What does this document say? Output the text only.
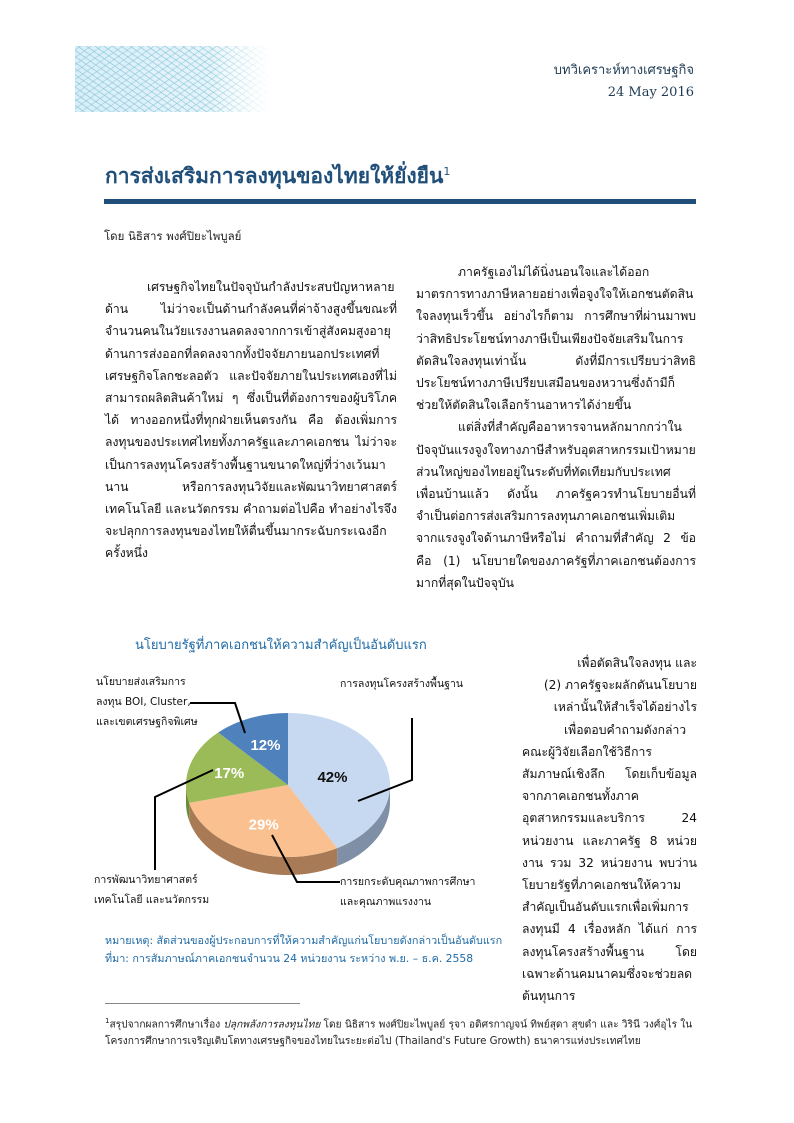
บทวิเคราะห์ทางเศรษฐกิจ
24 May 2016
การส่งเสริมการลงทุนของไทยให้ยั่งยืน$^1$
โดย นิธิสาร พงศ์ปิยะไพบูลย์

เศรษฐกิจไทยในปัจจุบันกำลังประสบปัญหาหลายด้าน ไม่ว่าจะเป็นด้านกำลังคนที่ค่าจ้างสูงขึ้นขณะที่จำนวนคนในวัยแรงงานลดลงจากการเข้าสู่สังคมสูงอายุ ด้านการส่งออกที่ลดลงจากทั้งปัจจัยภายนอกประเทศที่เศรษฐกิจโลกชะลอตัว และปัจจัยภายในประเทศเองที่ไม่สามารถผลิตสินค้าใหม่ ๆ ซึ่งเป็นที่ต้องการของผู้บริโภคได้ ทางออกหนึ่งที่ทุกฝ่ายเห็นตรงกัน คือ ต้องเพิ่มการลงทุนของประเทศไทยทั้งภาครัฐและภาคเอกชน ไม่ว่าจะเป็นการลงทุนโครงสร้างพื้นฐานขนาดใหญ่ที่ว่างเว้นมานาน หรือการลงทุนวิจัยและพัฒนาวิทยาศาสตร์ เทคโนโลยี และนวัตกรรม คำถามต่อไปคือ ทำอย่างไรจึงจะปลุกการลงทุนของไทยให้ตื่นขึ้นมากระฉับกระเฉงอีกครั้งหนึ่ง

ภาครัฐเองไม่ได้นิ่งนอนใจและได้ออกมาตรการทางภาษีหลายอย่างเพื่อจูงใจให้เอกชนตัดสินใจลงทุนเร็วขึ้น อย่างไรก็ตาม การศึกษาที่ผ่านมาพบว่าสิทธิประโยชน์ทางภาษีเป็นเพียงปัจจัยเสริมในการตัดสินใจลงทุนเท่านั้น ดังที่มีการเปรียบว่าสิทธิประโยชน์ทางภาษีเปรียบเสมือนของหวานซึ่งถ้ามีก็ช่วยให้ตัดสินใจเลือกร้านอาหารได้ง่ายขึ้น

แต่สิ่งที่สำคัญคืออาหารจานหลักมากกว่าในปัจจุบันแรงจูงใจทางภาษีสำหรับอุตสาหกรรมเป้าหมายส่วนใหญ่ของไทยอยู่ในระดับที่ทัดเทียมกับประเทศเพื่อนบ้านแล้ว ดังนั้น ภาครัฐควรทำนโยบายอื่นที่จำเป็นต่อการส่งเสริมการลงทุนภาคเอกชนเพิ่มเติมจากแรงจูงใจด้านภาษีหรือไม่ คำถามที่สำคัญ 2 ข้อ คือ (1) นโยบายใดของภาครัฐที่ภาคเอกชนต้องการมากที่สุดในปัจจุบัน

เพื่อตัดสินใจลงทุน และ (2) ภาครัฐจะผลักดันนโยบายเหล่านั้นให้สำเร็จได้อย่างไร

เพื่อตอบคำถามดังกล่าว คณะผู้วิจัยเลือกใช้วิธีการสัมภาษณ์เชิงลึก โดยเก็บข้อมูลจากภาคเอกชนทั้งภาคอุตสาหกรรมและบริการ 24 หน่วยงาน และภาครัฐ 8 หน่วยงาน รวม 32 หน่วยงาน พบว่านโยบายรัฐที่ภาคเอกชนให้ความสำคัญเป็นอันดับแรกเพื่อเพิ่มการลงทุนมี 4 เรื่องหลัก ได้แก่ การลงทุนโครงสร้างพื้นฐาน โดยเฉพาะด้านคมนาคมซึ่งจะช่วยลดต้นทุนการ

นโยบายรัฐที่ภาคเอกชนให้ความสำคัญเป็นอันดับแรก
42%
29%
17%
12%
นโยบายส่งเสริมการ
ลงทุน BOI, Cluster,
และเขตเศรษฐกิจพิเศษ
การลงทุนโครงสร้างพื้นฐาน
การพัฒนาวิทยาศาสตร์
เทคโนโลยี และนวัตกรรม
การยกระดับคุณภาพการศึกษา
และคุณภาพแรงงาน
หมายเหตุ: สัดส่วนของผู้ประกอบการที่ให้ความสำคัญแก่นโยบายดังกล่าวเป็นอันดับแรก
ที่มา: การสัมภาษณ์ภาคเอกชนจำนวน 24 หน่วยงาน ระหว่าง พ.ย. – ธ.ค. 2558
$^1$สรุปจากผลการศึกษาเรื่อง ปลุกพลังการลงทุนไทย โดย นิธิสาร พงศ์ปิยะไพบูลย์ รุจา อดิศรกาญจน์ ทิพย์สุดา สุขดำ และ วิรินี วงศ์อุไร ในโครงการศึกษาการเจริญเติบโตทางเศรษฐกิจของไทยในระยะต่อไป (Thailand's Future Growth) ธนาคารแห่งประเทศไทย
